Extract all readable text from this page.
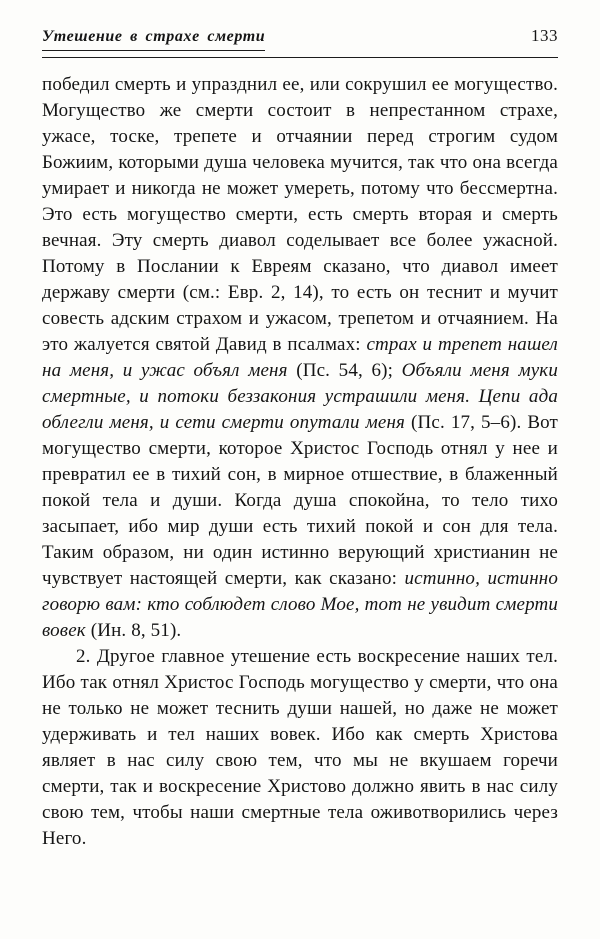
Утешение в страхе смерти	133

победил смерть и упразднил ее, или сокрушил ее могущество. Могущество же смерти состоит в непрестанном страхе, ужасе, тоске, трепете и отчаянии перед строгим судом Божиим, которыми душа человека мучится, так что она всегда умирает и никогда не может умереть, потому что бессмертна. Это есть могущество смерти, есть смерть вторая и смерть вечная. Эту смерть диавол соделывает все более ужасной. Потому в Послании к Евреям сказано, что диавол имеет державу смерти (см.: Евр. 2, 14), то есть он теснит и мучит совесть адским страхом и ужасом, трепетом и отчаянием. На это жалуется святой Давид в псалмах: страх и трепет нашел на меня, и ужас объял меня (Пс. 54, 6); Объяли меня муки смертные, и потоки беззакония устрашили меня. Цепи ада облегли меня, и сети смерти опутали меня (Пс. 17, 5–6). Вот могущество смерти, которое Христос Господь отнял у нее и превратил ее в тихий сон, в мирное отшествие, в блаженный покой тела и души. Когда душа спокойна, то тело тихо засыпает, ибо мир души есть тихий покой и сон для тела. Таким образом, ни один истинно верующий христианин не чувствует настоящей смерти, как сказано: истинно, истинно говорю вам: кто соблюдет слово Мое, тот не увидит смерти вовек (Ин. 8, 51).

2. Другое главное утешение есть воскресение наших тел. Ибо так отнял Христос Господь могущество у смерти, что она не только не может теснить души нашей, но даже не может удерживать и тел наших вовек. Ибо как смерть Христова являет в нас силу свою тем, что мы не вкушаем горечи смерти, так и воскресение Христово должно явить в нас силу свою тем, чтобы наши смертные тела оживотворились через Него.
